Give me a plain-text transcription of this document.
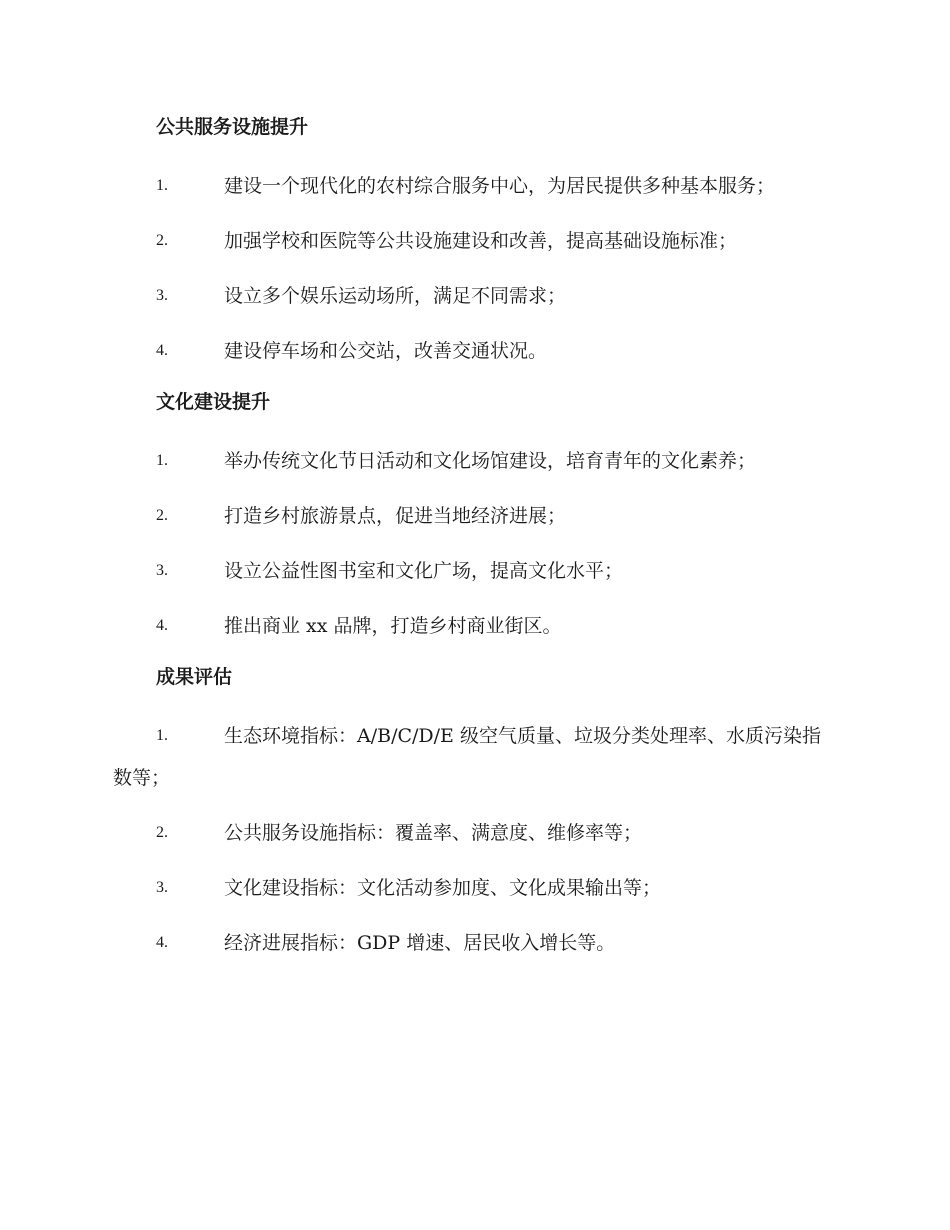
公共服务设施提升
1.	建设一个现代化的农村综合服务中心，为居民提供多种基本服务；
2.	加强学校和医院等公共设施建设和改善，提高基础设施标准；
3.	设立多个娱乐运动场所，满足不同需求；
4.	建设停车场和公交站，改善交通状况。
文化建设提升
1.	举办传统文化节日活动和文化场馆建设，培育青年的文化素养；
2.	打造乡村旅游景点，促进当地经济进展；
3.	设立公益性图书室和文化广场，提高文化水平；
4.	推出商业 xx 品牌，打造乡村商业街区。
成果评估
1.	生态环境指标：A/B/C/D/E 级空气质量、垃圾分类处理率、水质污染指数等；
2.	公共服务设施指标：覆盖率、满意度、维修率等；
3.	文化建设指标：文化活动参加度、文化成果输出等；
4.	经济进展指标：GDP 增速、居民收入增长等。
